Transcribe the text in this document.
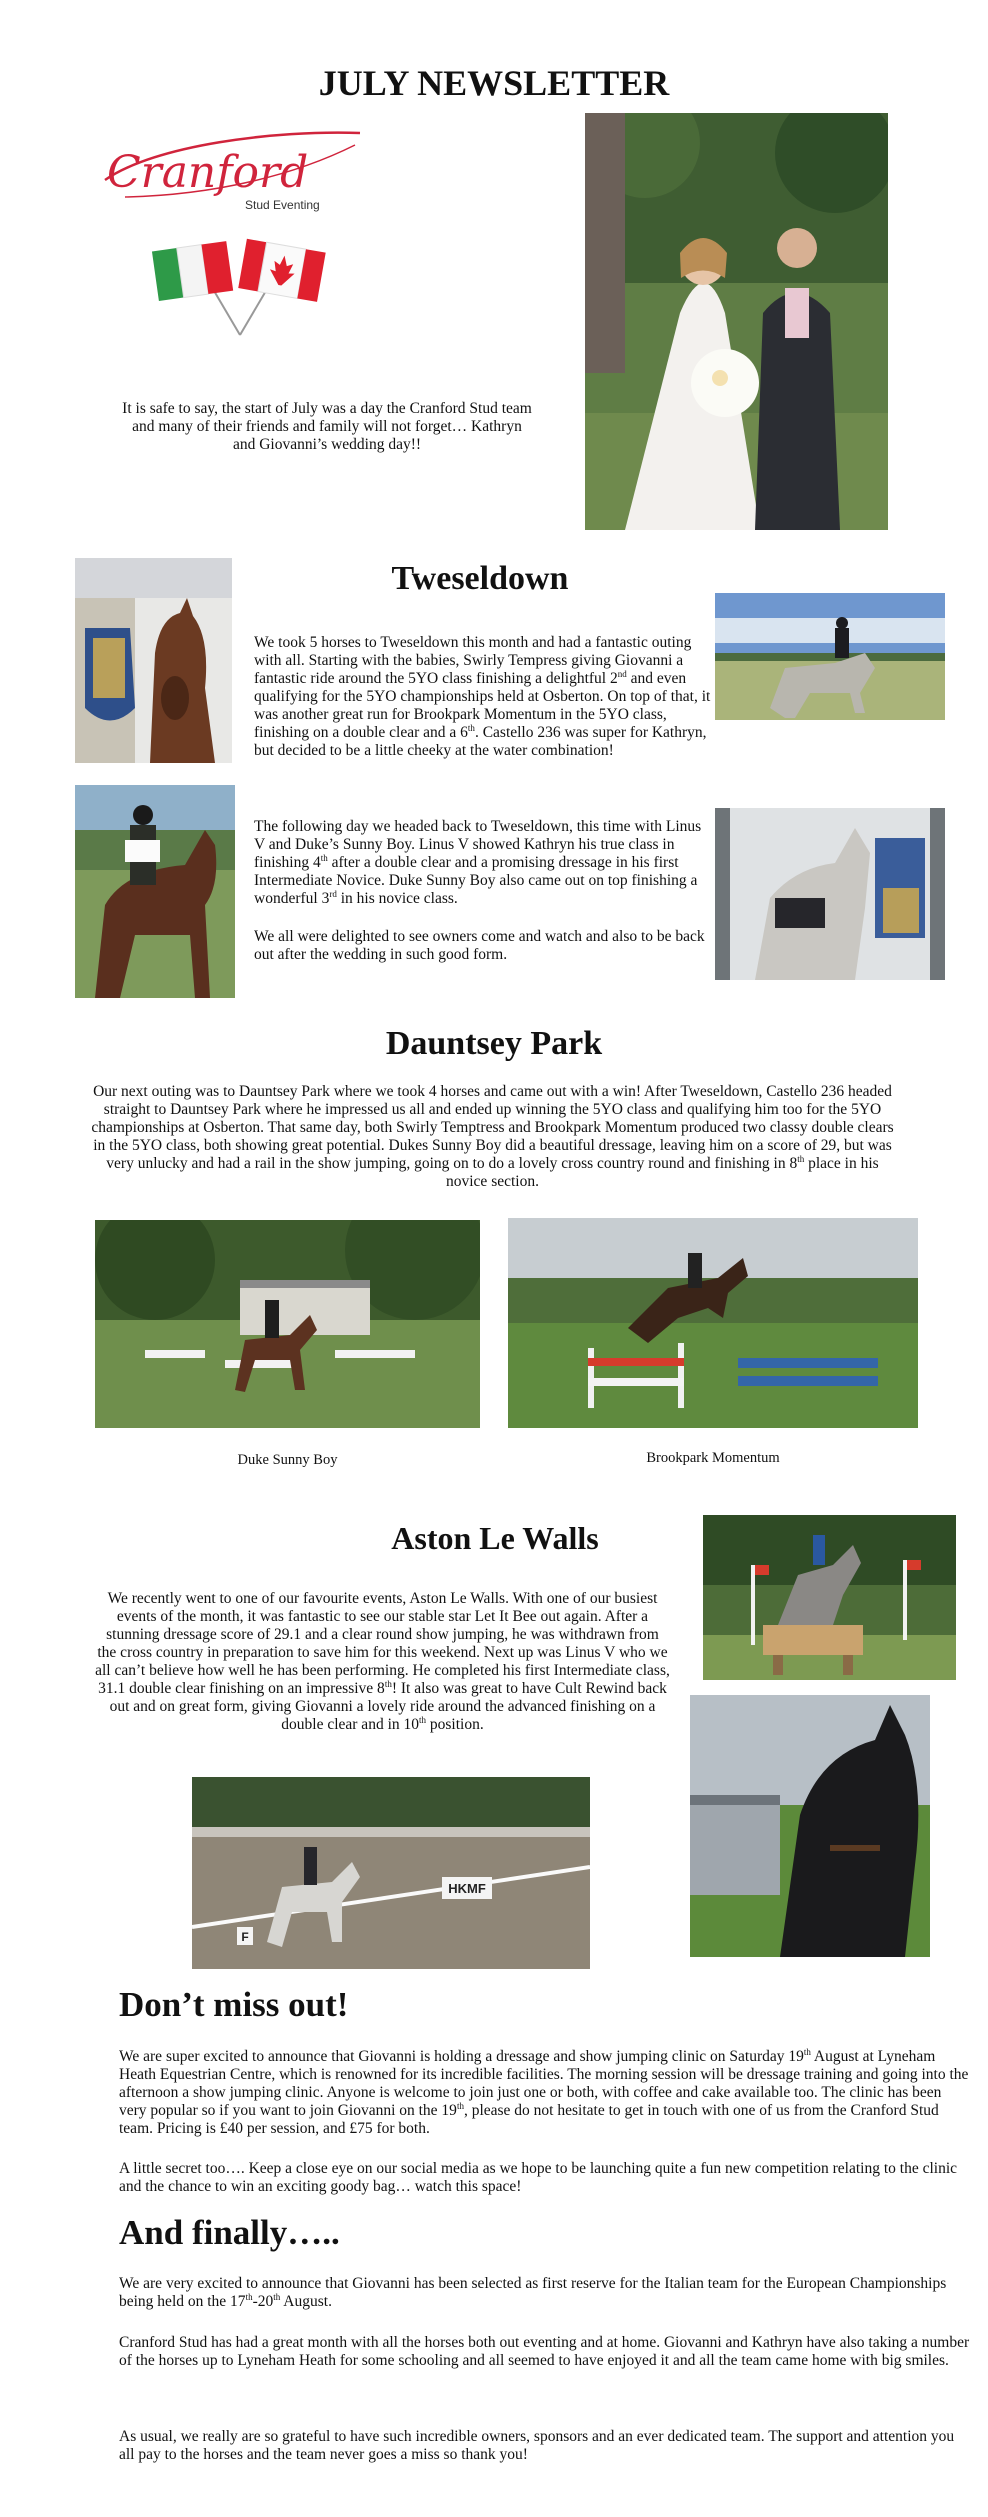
JULY NEWSLETTER
Cranford
Stud Eventing

It is safe to say, the start of July was a day the Cranford Stud team and many of their friends and family will not forget… Kathryn and Giovanni’s wedding day!!

Tweseldown

We took 5 horses to Tweseldown this month and had a fantastic outing with all. Starting with the babies, Swirly Tempress giving Giovanni a fantastic ride around the 5YO class finishing a delightful 2nd and even qualifying for the 5YO championships held at Osberton. On top of that, it was another great run for Brookpark Momentum in the 5YO class, finishing on a double clear and a 6th. Castello 236 was super for Kathryn, but decided to be a little cheeky at the water combination!

The following day we headed back to Tweseldown, this time with Linus V and Duke’s Sunny Boy. Linus V showed Kathryn his true class in finishing 4th after a double clear and a promising dressage in his first Intermediate Novice. Duke Sunny Boy also came out on top finishing a wonderful 3rd in his novice class.

We all were delighted to see owners come and watch and also to be back out after the wedding in such good form.

Dauntsey Park

Our next outing was to Dauntsey Park where we took 4 horses and came out with a win! After Tweseldown, Castello 236 headed straight to Dauntsey Park where he impressed us all and ended up winning the 5YO class and qualifying him too for the 5YO championships at Osberton. That same day, both Swirly Temptress and Brookpark Momentum produced two classy double clears in the 5YO class, both showing great potential. Dukes Sunny Boy did a beautiful dressage, leaving him on a score of 29, but was very unlucky and had a rail in the show jumping, going on to do a lovely cross country round and finishing in 8th place in his novice section.

Duke Sunny Boy	Brookpark Momentum
Aston Le Walls

We recently went to one of our favourite events, Aston Le Walls. With one of our busiest events of the month, it was fantastic to see our stable star Let It Bee out again. After a stunning dressage score of 29.1 and a clear round show jumping, he was withdrawn from the cross country in preparation to save him for this weekend. Next up was Linus V who we all can’t believe how well he has been performing. He completed his first Intermediate class, 31.1 double clear finishing on an impressive 8th! It also was great to have Cult Rewind back out and on great form, giving Giovanni a lovely ride around the advanced finishing on a double clear and in 10th position.

HKMF
F
Don’t miss out!

We are super excited to announce that Giovanni is holding a dressage and show jumping clinic on Saturday 19th August at Lyneham Heath Equestrian Centre, which is renowned for its incredible facilities. The morning session will be dressage training and going into the afternoon a show jumping clinic. Anyone is welcome to join just one or both, with coffee and cake available too. The clinic has been very popular so if you want to join Giovanni on the 19th, please do not hesitate to get in touch with one of us from the Cranford Stud team. Pricing is £40 per session, and £75 for both.

A little secret too…. Keep a close eye on our social media as we hope to be launching quite a fun new competition relating to the clinic and the chance to win an exciting goody bag… watch this space!

And finally…..

We are very excited to announce that Giovanni has been selected as first reserve for the Italian team for the European Championships being held on the 17th-20th August.

Cranford Stud has had a great month with all the horses both out eventing and at home. Giovanni and Kathryn have also taking a number of the horses up to Lyneham Heath for some schooling and all seemed to have enjoyed it and all the team came home with big smiles.

As usual, we really are so grateful to have such incredible owners, sponsors and an ever dedicated team. The support and attention you all pay to the horses and the team never goes a miss so thank you!
